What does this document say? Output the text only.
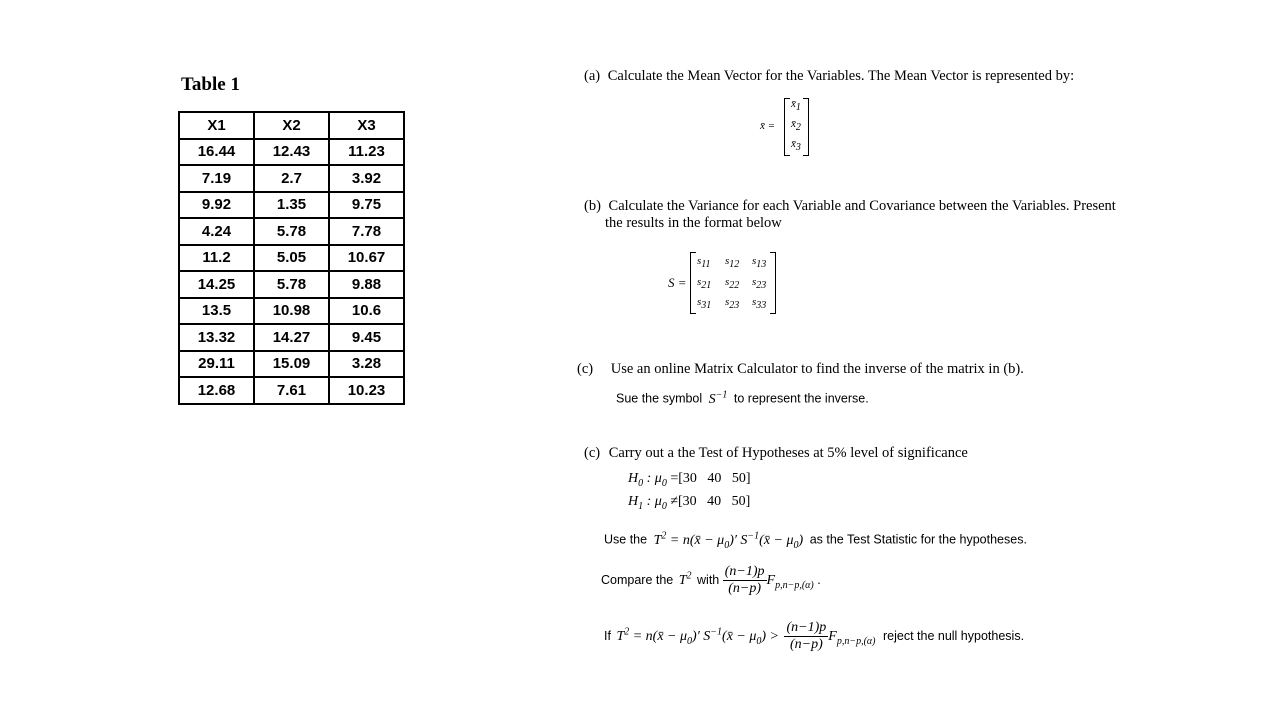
Table 1
X1	X2	X3
16.44	12.43	11.23
7.19	2.7	3.92
9.92	1.35	9.75
4.24	5.78	7.78
11.2	5.05	10.67
14.25	5.78	9.88
13.5	10.98	10.6
13.32	14.27	9.45
29.11	15.09	3.28
12.68	7.61	10.23
(a) Calculate the Mean Vector for the Variables. The Mean Vector is represented by:
x̄ =
$x̄_1$
$x̄_2$
$x̄_3$
(b) Calculate the Variance for each Variable and Covariance between the Variables. Present
the results in the format below
S =
$s_{11}$ $s_{12}$ $s_{13}$
$s_{21}$ $s_{22}$ $s_{23}$
$s_{31}$ $s_{23}$ $s_{33}$
(c) Use an online Matrix Calculator to find the inverse of the matrix in (b).
Sue the symbol $S^{-1}$ to represent the inverse.
(c) Carry out a the Test of Hypotheses at 5% level of significance
$H_0$ : $\mu_0 =[30$   40   50]
$H_1$ : $\mu_0 \ne[30$   40   50]
Use the $T^2$ = n(x̄ − $\mu_0)'$ $S^{-1}(x̄ - \mu_0)$ as the Test Statistic for the hypotheses.
Compare the $T^2$ with $\frac{(n-1)p}{(n-p)} F_{p,n-p,(\alpha)}$ .
If $T^2$ = n(x̄ − $\mu_0)'$ $S^{-1}(x̄ - \mu_0) > \frac{(n-1)p}{(n-p)} F_{p,n-p,(\alpha)}$ reject the null hypothesis.
